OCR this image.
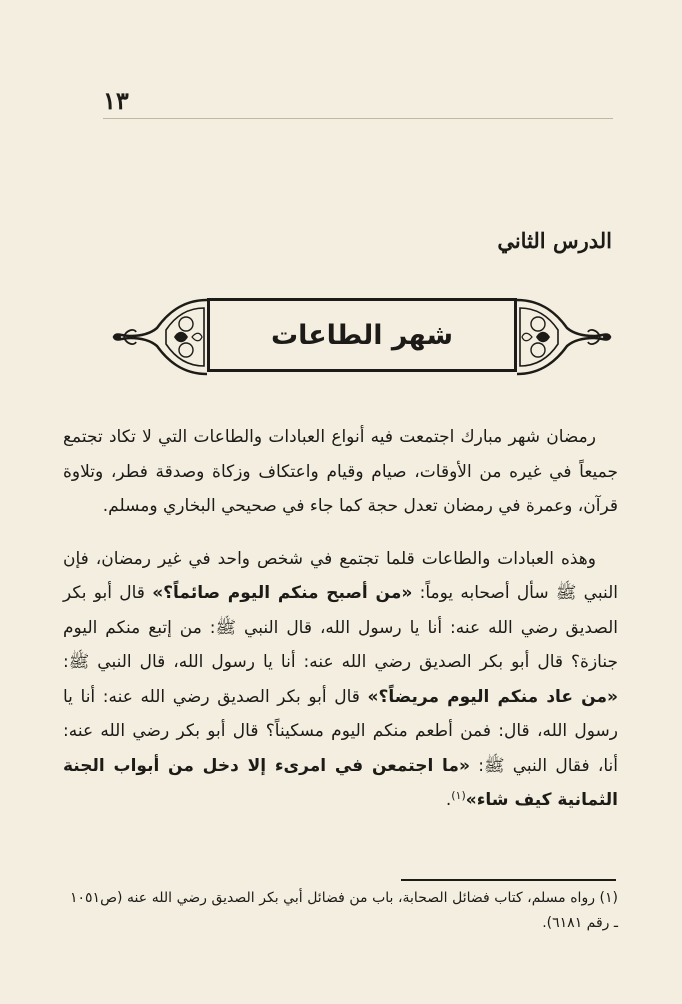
١٣
الدرس الثاني
شهر الطاعات

رمضان شهر مبارك اجتمعت فيه أنواع العبادات والطاعات التي لا تكاد تجتمع جميعاً في غيره من الأوقات، صيام وقيام واعتكاف وزكاة وصدقة فطر، وتلاوة قرآن، وعمرة في رمضان تعدل حجة كما جاء في صحيحي البخاري ومسلم.

وهذه العبادات والطاعات قلما تجتمع في شخص واحد في غير رمضان، فإن النبي ﷺ سأل أصحابه يوماً: «من أصبح منكم اليوم صائماً؟» قال أبو بكر الصديق رضي الله عنه: أنا يا رسول الله، قال النبي ﷺ: من إتبع منكم اليوم جنازة؟ قال أبو بكر الصديق رضي الله عنه: أنا يا رسول الله، قال النبي ﷺ: «من عاد منكم اليوم مريضاً؟» قال أبو بكر الصديق رضي الله عنه: أنا يا رسول الله، قال: فمن أطعم منكم اليوم مسكيناً؟ قال أبو بكر رضي الله عنه: أنا، فقال النبي ﷺ: «ما اجتمعن في امرىء إلا دخل من أبواب الجنة الثمانية كيف شاء»$^{(١)}$.

(١) رواه مسلم، كتاب فضائل الصحابة، باب من فضائل أبي بكر الصديق رضي الله عنه (ص١٠٥١ ـ رقم ٦١٨١).
